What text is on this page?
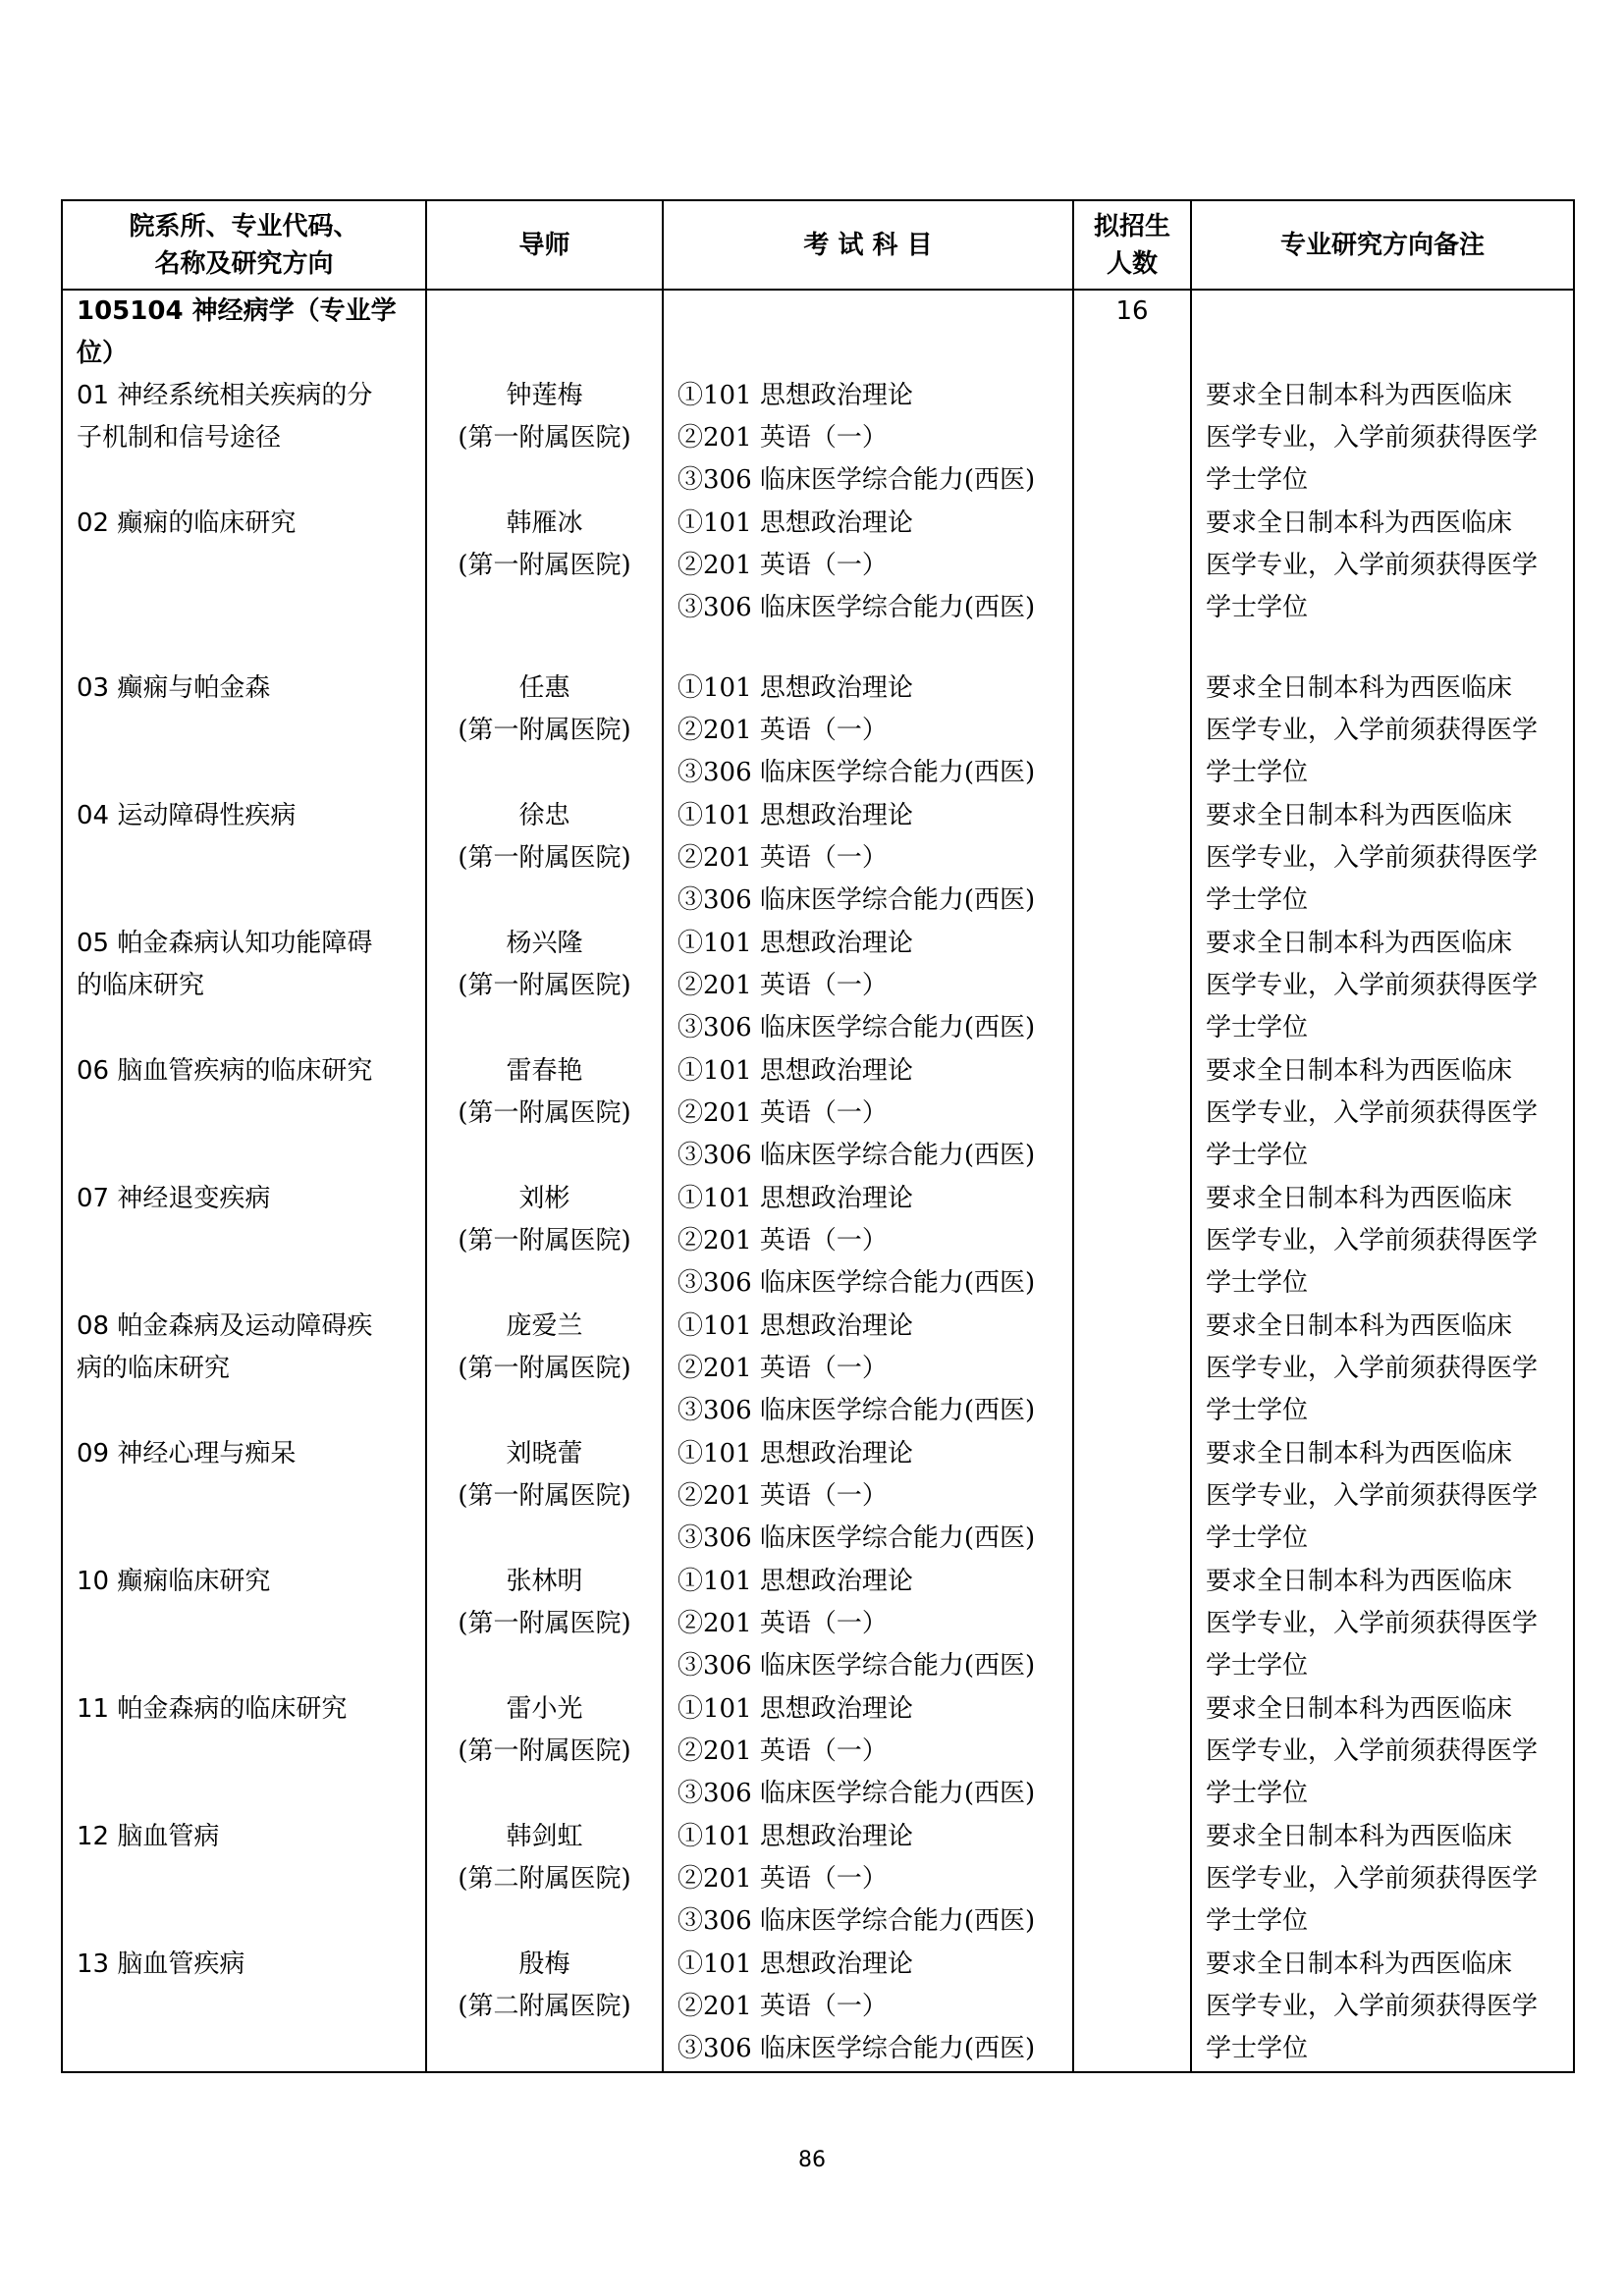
院系所、专业代码、
名称及研究方向	导师	考 试 科 目	拟招生
人数	专业研究方向备注

105104 神经病学（专业学
位）			16	

01 神经系统相关疾病的分
子机制和信号途径	钟莲梅
(第一附属医院)	①101 思想政治理论
②201 英语（一）
③306 临床医学综合能力(西医)		要求全日制本科为西医临床
医学专业，入学前须获得医学
学士学位

02 癫痫的临床研究	韩雁冰
(第一附属医院)	①101 思想政治理论
②201 英语（一）
③306 临床医学综合能力(西医)		要求全日制本科为西医临床
医学专业，入学前须获得医学
学士学位

03 癫痫与帕金森	任惠
(第一附属医院)	①101 思想政治理论
②201 英语（一）
③306 临床医学综合能力(西医)		要求全日制本科为西医临床
医学专业，入学前须获得医学
学士学位

04 运动障碍性疾病	徐忠
(第一附属医院)	①101 思想政治理论
②201 英语（一）
③306 临床医学综合能力(西医)		要求全日制本科为西医临床
医学专业，入学前须获得医学
学士学位

05 帕金森病认知功能障碍
的临床研究	杨兴隆
(第一附属医院)	①101 思想政治理论
②201 英语（一）
③306 临床医学综合能力(西医)		要求全日制本科为西医临床
医学专业，入学前须获得医学
学士学位

06 脑血管疾病的临床研究	雷春艳
(第一附属医院)	①101 思想政治理论
②201 英语（一）
③306 临床医学综合能力(西医)		要求全日制本科为西医临床
医学专业，入学前须获得医学
学士学位

07 神经退变疾病	刘彬
(第一附属医院)	①101 思想政治理论
②201 英语（一）
③306 临床医学综合能力(西医)		要求全日制本科为西医临床
医学专业，入学前须获得医学
学士学位

08 帕金森病及运动障碍疾
病的临床研究	庞爱兰
(第一附属医院)	①101 思想政治理论
②201 英语（一）
③306 临床医学综合能力(西医)		要求全日制本科为西医临床
医学专业，入学前须获得医学
学士学位

09 神经心理与痴呆	刘晓蕾
(第一附属医院)	①101 思想政治理论
②201 英语（一）
③306 临床医学综合能力(西医)		要求全日制本科为西医临床
医学专业，入学前须获得医学
学士学位

10 癫痫临床研究	张林明
(第一附属医院)	①101 思想政治理论
②201 英语（一）
③306 临床医学综合能力(西医)		要求全日制本科为西医临床
医学专业，入学前须获得医学
学士学位

11 帕金森病的临床研究	雷小光
(第一附属医院)	①101 思想政治理论
②201 英语（一）
③306 临床医学综合能力(西医)		要求全日制本科为西医临床
医学专业，入学前须获得医学
学士学位

12 脑血管病	韩剑虹
(第二附属医院)	①101 思想政治理论
②201 英语（一）
③306 临床医学综合能力(西医)		要求全日制本科为西医临床
医学专业，入学前须获得医学
学士学位

13 脑血管疾病	殷梅
(第二附属医院)	①101 思想政治理论
②201 英语（一）
③306 临床医学综合能力(西医)		要求全日制本科为西医临床
医学专业，入学前须获得医学
学士学位
86
